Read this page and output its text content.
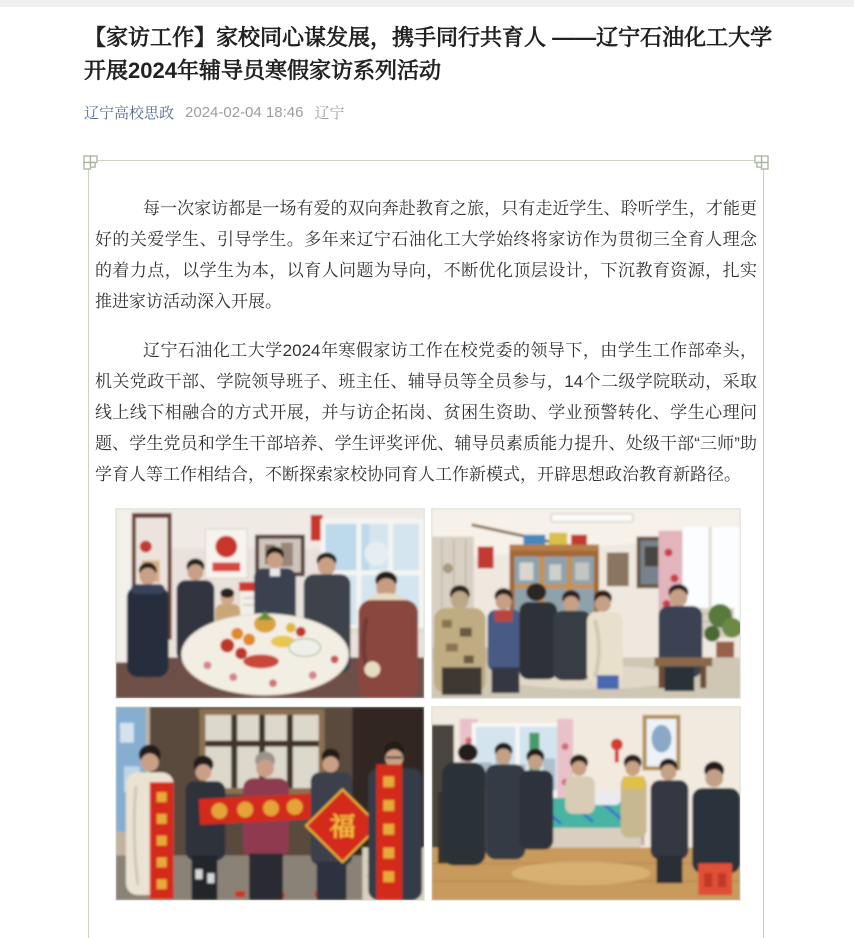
【家访工作】家校同心谋发展，携手同行共育人 ——辽宁石油化工大学开展2024年辅导员寒假家访系列活动
辽宁高校思政 2024-02-04 18:46 辽宁

每一次家访都是一场有爱的双向奔赴教育之旅，只有走近学生、聆听学生，才能更好的关爱学生、引导学生。多年来辽宁石油化工大学始终将家访作为贯彻三全育人理念的着力点，以学生为本，以育人问题为导向，不断优化顶层设计，下沉教育资源，扎实推进家访活动深入开展。

辽宁石油化工大学2024年寒假家访工作在校党委的领导下，由学生工作部牵头，机关党政干部、学院领导班子、班主任、辅导员等全员参与，14个二级学院联动，采取线上线下相融合的方式开展，并与访企拓岗、贫困生资助、学业预警转化、学生心理问题、学生党员和学生干部培养、学生评奖评优、辅导员素质能力提升、处级干部“三师”助学育人等工作相结合，不断探索家校协同育人工作新模式，开辟思想政治教育新路径。

福
